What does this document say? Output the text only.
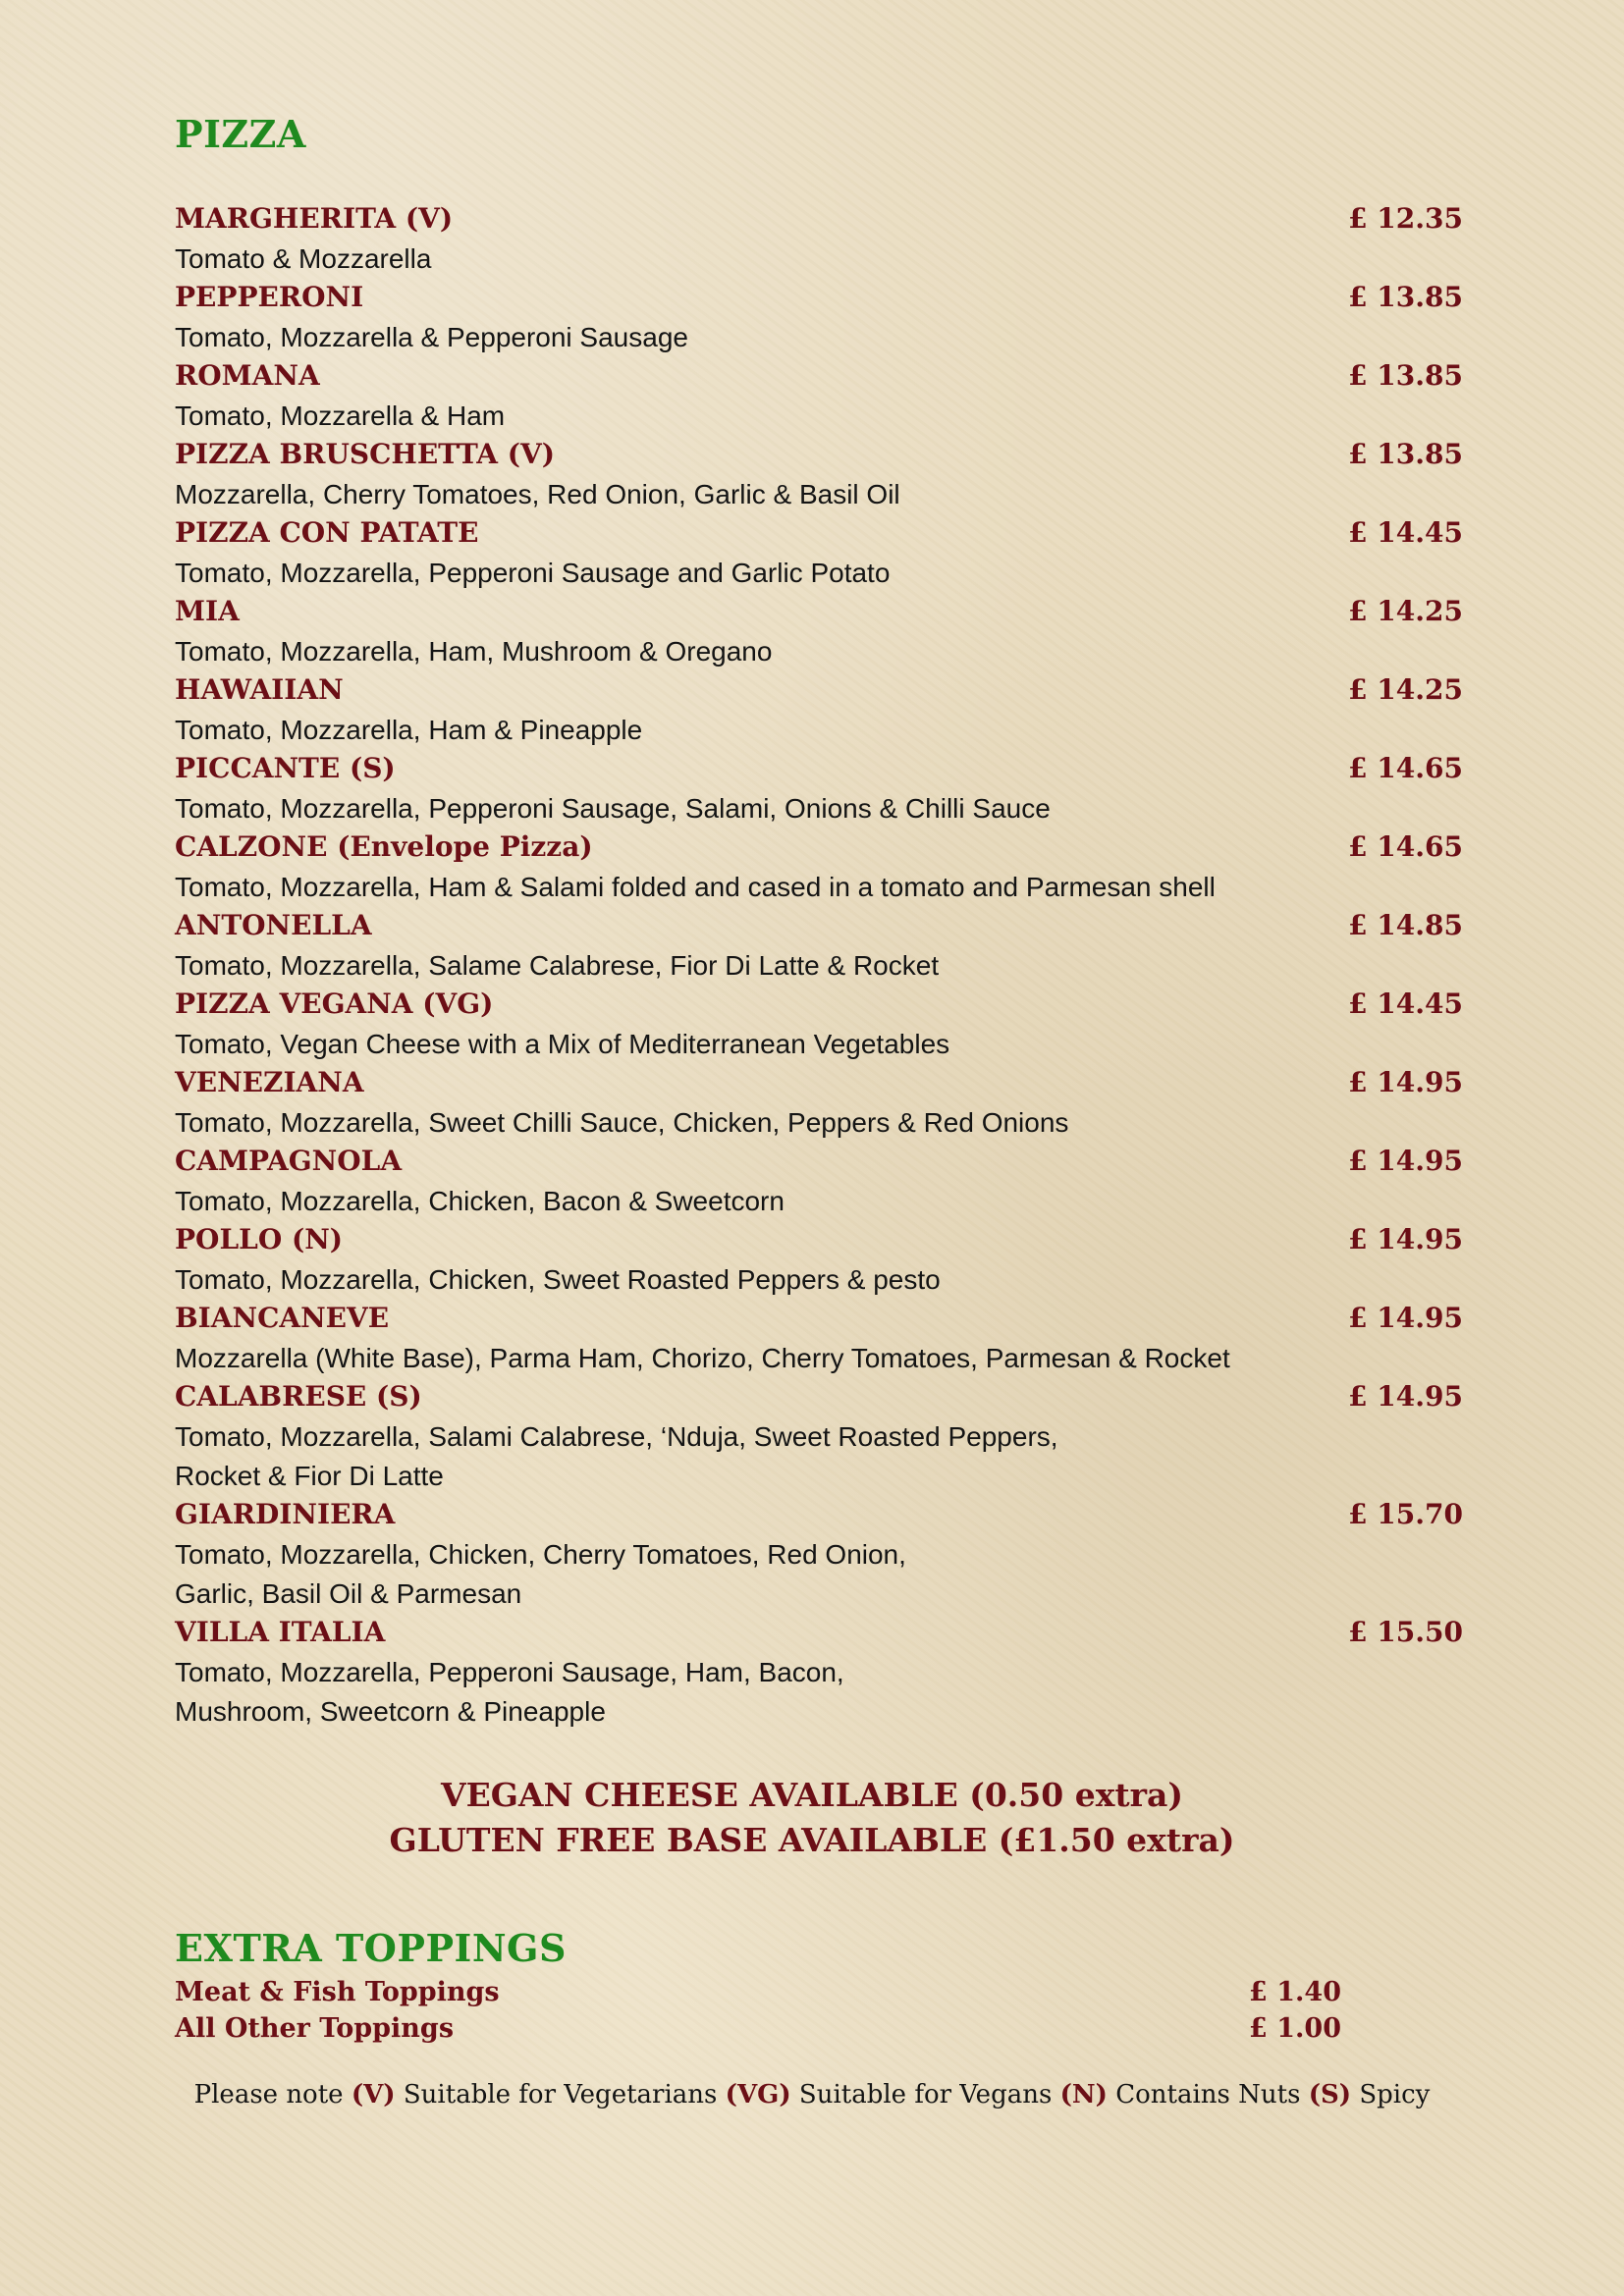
PIZZA
MARGHERITA (V)	£ 12.35
Tomato & Mozzarella
PEPPERONI	£ 13.85
Tomato, Mozzarella & Pepperoni Sausage
ROMANA	£ 13.85
Tomato, Mozzarella & Ham
PIZZA BRUSCHETTA (V)	£ 13.85
Mozzarella, Cherry Tomatoes, Red Onion, Garlic & Basil Oil
PIZZA CON PATATE	£ 14.45
Tomato, Mozzarella, Pepperoni Sausage and Garlic Potato
MIA	£ 14.25
Tomato, Mozzarella, Ham, Mushroom & Oregano
HAWAIIAN	£ 14.25
Tomato, Mozzarella, Ham & Pineapple
PICCANTE (S)	£ 14.65
Tomato, Mozzarella, Pepperoni Sausage, Salami, Onions & Chilli Sauce
CALZONE (Envelope Pizza)	£ 14.65
Tomato, Mozzarella, Ham & Salami folded and cased in a tomato and Parmesan shell
ANTONELLA	£ 14.85
Tomato, Mozzarella, Salame Calabrese, Fior Di Latte & Rocket
PIZZA VEGANA (VG)	£ 14.45
Tomato, Vegan Cheese with a Mix of Mediterranean Vegetables
VENEZIANA	£ 14.95
Tomato, Mozzarella, Sweet Chilli Sauce, Chicken, Peppers & Red Onions
CAMPAGNOLA	£ 14.95
Tomato, Mozzarella, Chicken, Bacon & Sweetcorn
POLLO (N)	£ 14.95
Tomato, Mozzarella, Chicken, Sweet Roasted Peppers & pesto
BIANCANEVE	£ 14.95
Mozzarella (White Base), Parma Ham, Chorizo, Cherry Tomatoes, Parmesan & Rocket
CALABRESE (S)	£ 14.95
Tomato, Mozzarella, Salami Calabrese, ‘Nduja, Sweet Roasted Peppers,
Rocket & Fior Di Latte
GIARDINIERA	£ 15.70
Tomato, Mozzarella, Chicken, Cherry Tomatoes, Red Onion,
Garlic, Basil Oil & Parmesan
VILLA ITALIA	£ 15.50
Tomato, Mozzarella, Pepperoni Sausage, Ham, Bacon,
Mushroom, Sweetcorn & Pineapple
VEGAN CHEESE AVAILABLE (0.50 extra)
GLUTEN FREE BASE AVAILABLE (£1.50 extra)
EXTRA TOPPINGS
Meat & Fish Toppings	£ 1.40
All Other Toppings	£ 1.00
Please note (V) Suitable for Vegetarians (VG) Suitable for Vegans (N) Contains Nuts (S) Spicy
